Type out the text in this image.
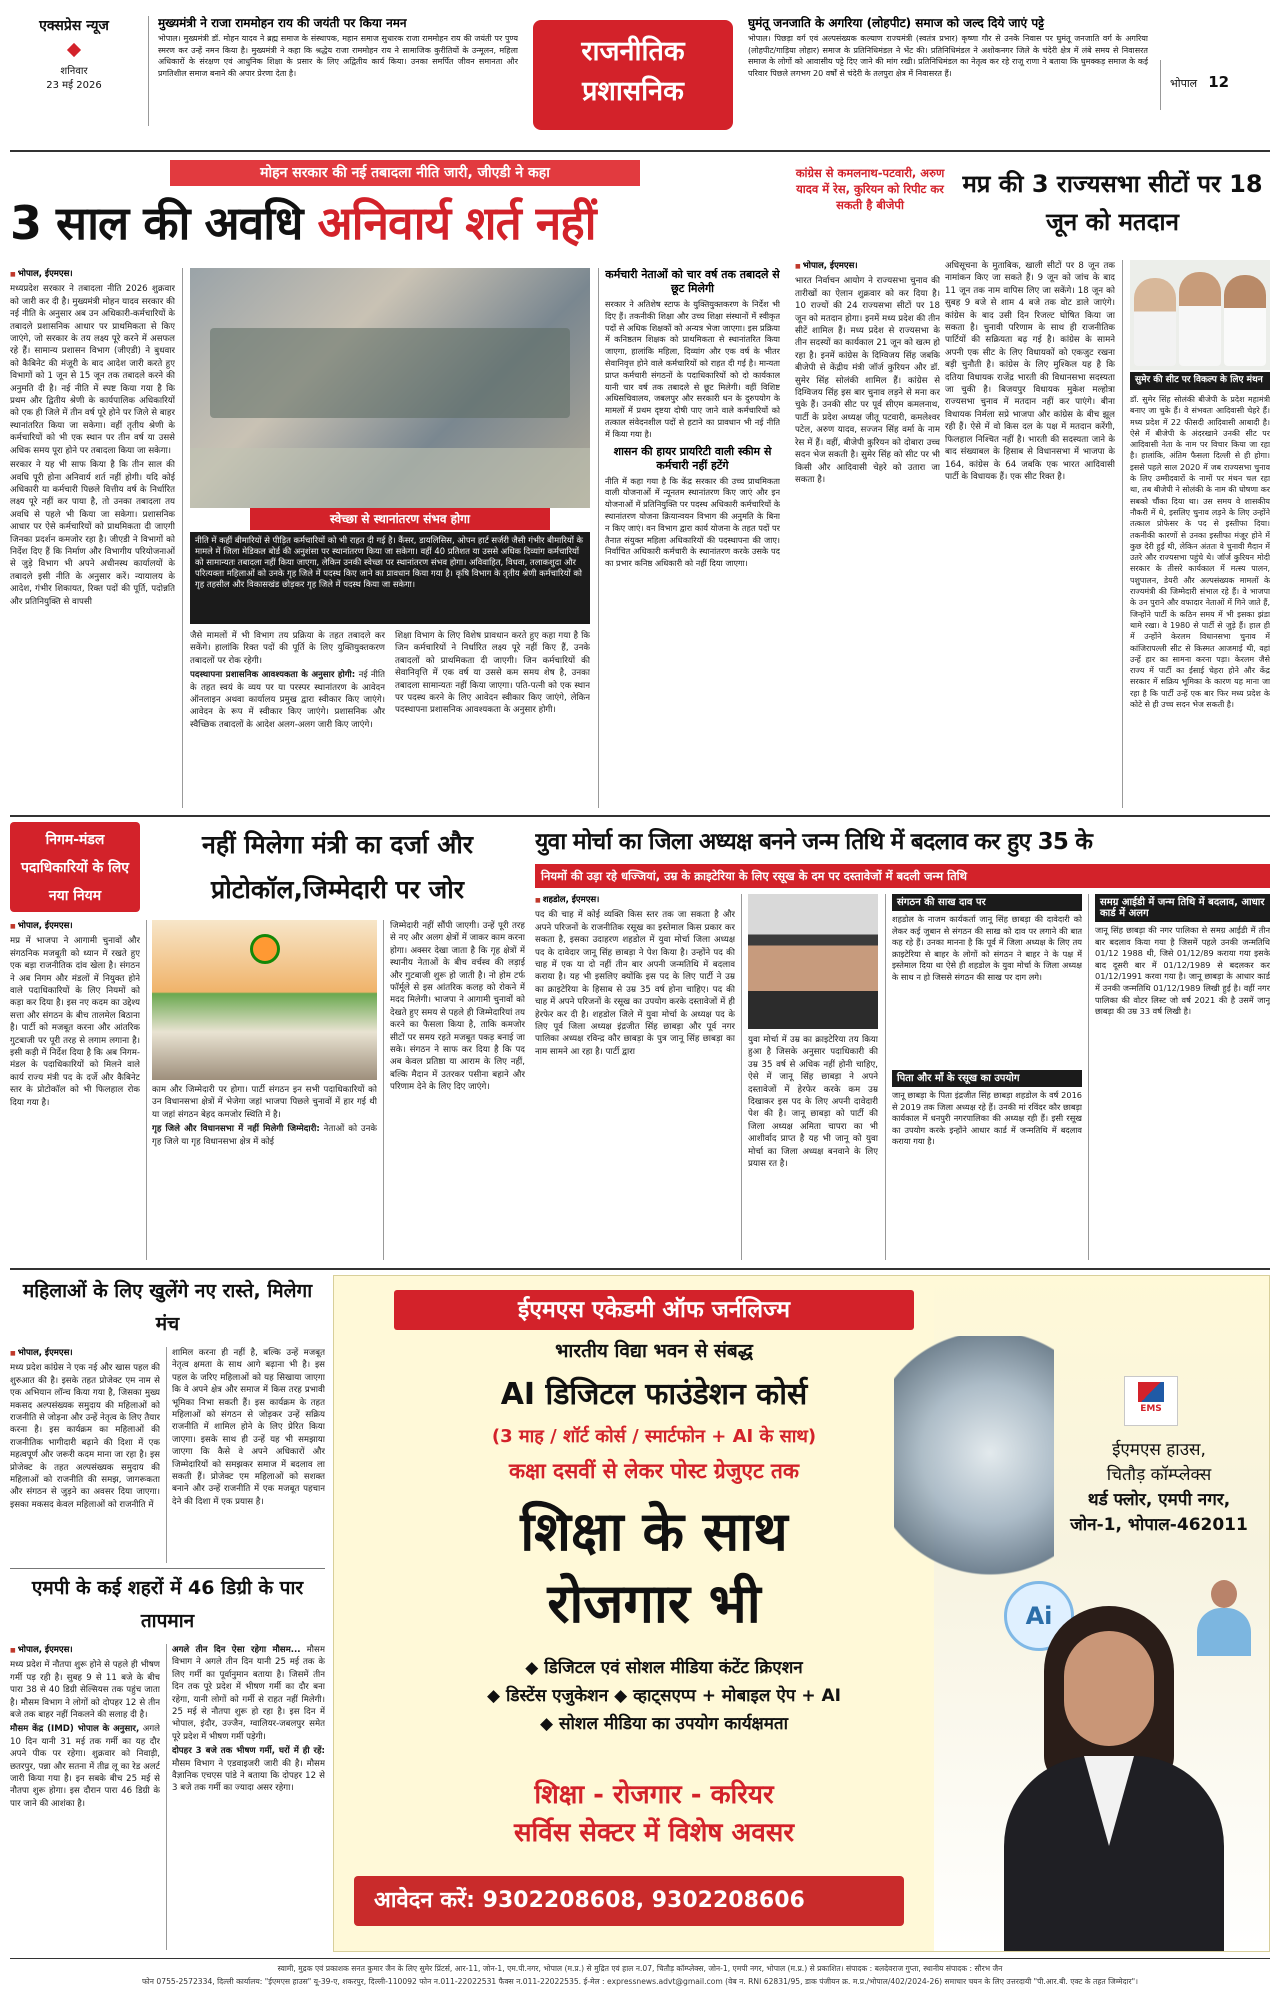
एक्सप्रेस न्यूज
शनिवार
23 मई 2026
मुख्यमंत्री ने राजा राममोहन राय की जयंती पर किया नमन
भोपाल। मुख्यमंत्री डॉ. मोहन यादव ने ब्रह्म समाज के संस्थापक, महान समाज सुधारक राजा राममोहन राय की जयंती पर पुण्य स्मरण कर उन्हें नमन किया है। मुख्यमंत्री ने कहा कि श्रद्धेय राजा राममोहन राय ने सामाजिक कुरीतियों के उन्मूलन, महिला अधिकारों के संरक्षण एवं आधुनिक शिक्षा के प्रसार के लिए अद्वितीय कार्य किया। उनका समर्पित जीवन समानता और प्रगतिशील समाज बनाने की अपार प्रेरणा देता है।
राजनीतिक प्रशासनिक
घुमंतू जनजाति के अगरिया (लोहपीट) समाज को जल्द दिये जाएं पट्टे
भोपाल। पिछड़ा वर्ग एवं अल्पसंख्यक कल्याण राज्यमंत्री (स्वतंत्र प्रभार) कृष्णा गौर से उनके निवास पर घुमंतू जनजाति वर्ग के अगरिया (लोहपीट/गाड़िया लोहार) समाज के प्रतिनिधिमंडल ने भेंट की। प्रतिनिधिमंडल ने अशोकनगर जिले के चंदेरी क्षेत्र में लंबे समय से निवासरत समाज के लोगों को आवासीय पट्टे दिए जाने की मांग रखी। प्रतिनिधिमंडल का नेतृत्व कर रहे राजू राणा ने बताया कि घुमक्कड़ समाज के कई परिवार पिछले लगभग 20 वर्षों से चंदेरी के तलपुरा क्षेत्र में निवासरत हैं।
भोपाल 12
मोहन सरकार की नई तबादला नीति जारी, जीएडी ने कहा
3 साल की अवधि अनिवार्य शर्त नहीं
■ भोपाल, ईएमएस।

मध्यप्रदेश सरकार ने तबादला नीति 2026 शुक्रवार को जारी कर दी है। मुख्यमंत्री मोहन यादव सरकार की नई नीति के अनुसार अब उन अधिकारी-कर्मचारियों के तबादले प्रशासनिक आधार पर प्राथमिकता से किए जाएंगे, जो सरकार के तय लक्ष्य पूरे करने में असफल रहे हैं। सामान्य प्रशासन विभाग (जीएडी) ने बुधवार को कैबिनेट की मंजूरी के बाद आदेश जारी करते हुए विभागों को 1 जून से 15 जून तक तबादले करने की अनुमति दी है। नई नीति में स्पष्ट किया गया है कि प्रथम और द्वितीय श्रेणी के कार्यपालिक अधिकारियों को एक ही जिले में तीन वर्ष पूरे होने पर जिले से बाहर स्थानांतरित किया जा सकेगा। वहीं तृतीय श्रेणी के कर्मचारियों को भी एक स्थान पर तीन वर्ष या उससे अधिक समय पूरा होने पर तबादला किया जा सकेगा।

सरकार ने यह भी साफ किया है कि तीन साल की अवधि पूरी होना अनिवार्य शर्त नहीं होगी। यदि कोई अधिकारी या कर्मचारी पिछले वित्तीय वर्ष के निर्धारित लक्ष्य पूरे नहीं कर पाया है, तो उनका तबादला तय अवधि से पहले भी किया जा सकेगा। प्रशासनिक आधार पर ऐसे कर्मचारियों को प्राथमिकता दी जाएगी जिनका प्रदर्शन कमजोर रहा है। जीएडी ने विभागों को निर्देश दिए हैं कि निर्माण और विभागीय परियोजनाओं से जुड़े विभाग भी अपने अधीनस्थ कार्यालयों के तबादले इसी नीति के अनुसार करें। न्यायालय के आदेश, गंभीर शिकायत, रिक्त पदों की पूर्ति, पदोन्नति और प्रतिनियुक्ति से वापसी

स्वेच्छा से स्थानांतरण संभव होगा
नीति में कहीं बीमारियों से पीड़ित कर्मचारियों को भी राहत दी गई है। कैंसर, डायलिसिस, ओपन हार्ट सर्जरी जैसी गंभीर बीमारियों के मामले में जिला मेडिकल बोर्ड की अनुशंसा पर स्थानांतरण किया जा सकेगा। वहीं 40 प्रतिशत या उससे अधिक दिव्यांग कर्मचारियों को सामान्यतः तबादला नहीं किया जाएगा, लेकिन उनकी स्वेच्छा पर स्थानांतरण संभव होगा। अविवाहित, विधवा, तलाकशुदा और परित्यक्ता महिलाओं को उनके गृह जिले में पदस्थ किए जाने का प्रावधान किया गया है। कृषि विभाग के तृतीय श्रेणी कर्मचारियों को गृह तहसील और विकासखंड छोड़कर गृह जिले में पदस्थ किया जा सकेगा।

जैसे मामलों में भी विभाग तय प्रक्रिया के तहत तबादले कर सकेंगे। हालांकि रिक्त पदों की पूर्ति के लिए युक्तियुक्तकरण तबादलों पर रोक रहेगी।

पदस्थापना प्रशासनिक आवश्यकता के अनुसार होगी: नई नीति के तहत स्वयं के व्यय पर या परस्पर स्थानांतरण के आवेदन ऑनलाइन अथवा कार्यालय प्रमुख द्वारा स्वीकार किए जाएंगे। आवेदन के रूप में स्वीकार किए जाएंगे। प्रशासनिक और स्वैच्छिक तबादलों के आदेश अलग-अलग जारी किए जाएंगे।

शिक्षा विभाग के लिए विशेष प्रावधान करते हुए कहा गया है कि जिन कर्मचारियों ने निर्धारित लक्ष्य पूरे नहीं किए हैं, उनके तबादलों को प्राथमिकता दी जाएगी। जिन कर्मचारियों की सेवानिवृत्ति में एक वर्ष या उससे कम समय शेष है, उनका तबादला सामान्यतः नहीं किया जाएगा। पति-पत्नी को एक स्थान पर पदस्थ करने के लिए आवेदन स्वीकार किए जाएंगे, लेकिन पदस्थापना प्रशासनिक आवश्यकता के अनुसार होगी।

कर्मचारी नेताओं को चार वर्ष तक तबादले से छूट मिलेगी
सरकार ने अतिशेष स्टाफ के युक्तियुक्तकरण के निर्देश भी दिए हैं। तकनीकी शिक्षा और उच्च शिक्षा संस्थानों में स्वीकृत पदों से अधिक शिक्षकों को अन्यत्र भेजा जाएगा। इस प्रक्रिया में कनिष्ठतम शिक्षक को प्राथमिकता से स्थानांतरित किया जाएगा, हालांकि महिला, दिव्यांग और एक वर्ष के भीतर सेवानिवृत्त होने वाले कर्मचारियों को राहत दी गई है। मान्यता प्राप्त कर्मचारी संगठनों के पदाधिकारियों को दो कार्यकाल यानी चार वर्ष तक तबादले से छूट मिलेगी। वहीं विशिष्ट अधिसचिवालय, जबलपुर और सरकारी धन के दुरुपयोग के मामलों में प्रथम दृष्टया दोषी पाए जाने वाले कर्मचारियों को तत्काल संवेदनशील पदों से हटाने का प्रावधान भी नई नीति में किया गया है।
शासन की हायर प्रायरिटी वाली स्कीम से कर्मचारी नहीं हटेंगे
नीति में कहा गया है कि केंद्र सरकार की उच्च प्राथमिकता वाली योजनाओं में न्यूनतम स्थानांतरण किए जाएं और इन योजनाओं में प्रतिनियुक्ति पर पदस्थ अधिकारी कर्मचारियों के स्थानांतरण योजना क्रियान्वयन विभाग की अनुमति के बिना न किए जाएं। वन विभाग द्वारा कार्य योजना के तहत पदों पर तैनात संयुक्त महिला अधिकारियों की पदस्थापना की जाए। निर्वाचित अधिकारी कर्मचारी के स्थानांतरण करके उसके पद का प्रभार कनिष्ठ अधिकारी को नहीं दिया जाएगा।
कांग्रेस से कमलनाथ-पटवारी, अरुण यादव में रेस, कुरियन को रिपीट कर सकती है बीजेपी
मप्र की 3 राज्यसभा सीटों पर 18 जून को मतदान
■ भोपाल, ईएमएस।

भारत निर्वाचन आयोग ने राज्यसभा चुनाव की तारीखों का ऐलान शुक्रवार को कर दिया है। 10 राज्यों की 24 राज्यसभा सीटों पर 18 जून को मतदान होगा। इनमें मध्य प्रदेश की तीन सीटें शामिल हैं। मध्य प्रदेश से राज्यसभा के तीन सदस्यों का कार्यकाल 21 जून को खत्म हो रहा है। इनमें कांग्रेस के दिग्विजय सिंह जबकि बीजेपी से केंद्रीय मंत्री जॉर्ज कुरियन और डॉ. सुमेर सिंह सोलंकी शामिल हैं। कांग्रेस से दिग्विजय सिंह इस बार चुनाव लड़ने से मना कर चुके हैं। उनकी सीट पर पूर्व सीएम कमलनाथ, पार्टी के प्रदेश अध्यक्ष जीतू पटवारी, कमलेश्वर पटेल, अरुण यादव, सज्जन सिंह वर्मा के नाम रेस में हैं। वहीं, बीजेपी कुरियन को दोबारा उच्च सदन भेज सकती है। सुमेर सिंह को सीट पर भी किसी और आदिवासी चेहरे को उतारा जा सकता है।

अधिसूचना के मुताबिक, खाली सीटों पर 8 जून तक नामांकन किए जा सकते हैं। 9 जून को जांच के बाद 11 जून तक नाम वापिस लिए जा सकेंगे। 18 जून को सुबह 9 बजे से शाम 4 बजे तक वोट डाले जाएंगे। कांग्रेस के बाद उसी दिन रिजल्ट घोषित किया जा सकता है। चुनावी परिणाम के साथ ही राजनीतिक पार्टियों की सक्रियता बढ़ गई है। कांग्रेस के सामने अपनी एक सीट के लिए विधायकों को एकजुट रखना बड़ी चुनौती है। कांग्रेस के लिए मुश्किल यह है कि दतिया विधायक राजेंद्र भारती की विधानसभा सदस्यता जा चुकी है। बिजयपुर विधायक मुकेश मल्होत्रा राज्यसभा चुनाव में मतदान नहीं कर पाएंगे। बीना विधायक निर्मला सप्रे भाजपा और कांग्रेस के बीच झूल रही हैं। ऐसे में वो किस दल के पक्ष में मतदान करेंगी, फिलहाल निश्चित नहीं है। भारती की सदस्यता जाने के बाद संख्याबल के हिसाब से विधानसभा में भाजपा के 164, कांग्रेस के 64 जबकि एक भारत आदिवासी पार्टी के विधायक हैं। एक सीट रिक्त है।

सुमेर की सीट पर विकल्प के लिए मंथन
डॉ. सुमेर सिंह सोलंकी बीजेपी के प्रदेश महामंत्री बनाए जा चुके हैं। वे संभवतः आदिवासी चेहरे हैं। मध्य प्रदेश में 22 फीसदी आदिवासी आबादी है। ऐसे में बीजेपी के अंदरखाने उनकी सीट पर आदिवासी नेता के नाम पर विचार किया जा रहा है। हालांकि, अंतिम फैसला दिल्ली से ही होगा। इससे पहले साल 2020 में जब राज्यसभा चुनाव के लिए उम्मीदवारों के नामों पर मंथन चल रहा था, तब बीजेपी ने सोलंकी के नाम की घोषणा कर सबको चौंका दिया था। उस समय वे शासकीय नौकरी में थे, इसलिए चुनाव लड़ने के लिए उन्होंने तत्काल प्रोफेसर के पद से इस्तीफा दिया। तकनीकी कारणों से उनका इस्तीफा मंजूर होने में कुछ देरी हुई थी, लेकिन अंततः वे चुनावी मैदान में उतरे और राज्यसभा पहुंचे थे। जॉर्ज कुरियन मोदी सरकार के तीसरे कार्यकाल में मत्स्य पालन, पशुपालन, डेयरी और अल्पसंख्यक मामलों के राज्यमंत्री की जिम्मेदारी संभाल रहे हैं। वे भाजपा के उन पुराने और वफादार नेताओं में गिने जाते हैं, जिन्होंने पार्टी के कठिन समय में भी इसका झंडा थामे रखा। वे 1980 से पार्टी से जुड़े हैं। हाल ही में उन्होंने केरलम विधानसभा चुनाव में कांजिरापल्ली सीट से किस्मत आजमाई थी, वहां उन्हें हार का सामना करना पड़ा। केरलम जैसे राज्य में पार्टी का ईसाई चेहरा होने और केंद्र सरकार में सक्रिय भूमिका के कारण यह माना जा रहा है कि पार्टी उन्हें एक बार फिर मध्य प्रदेश के कोटे से ही उच्च सदन भेज सकती है।
निगम-मंडल पदाधिकारियों के लिए नया नियम
नहीं मिलेगा मंत्री का दर्जा और
प्रोटोकॉल,जिम्मेदारी पर जोर
■ भोपाल, ईएमएस।

मप्र में भाजपा ने आगामी चुनावों और संगठनिक मजबूती को ध्यान में रखते हुए एक बड़ा राजनीतिक दांव खेला है। संगठन ने अब निगम और मंडलों में नियुक्त होने वाले पदाधिकारियों के लिए नियमों को कड़ा कर दिया है। इस नए कदम का उद्देश्य सत्ता और संगठन के बीच तालमेल बिठाना है। पार्टी को मजबूत करना और आंतरिक गुटबाजी पर पूरी तरह से लगाम लगाना है। इसी कड़ी में निर्देश दिया है कि अब निगम-मंडल के पदाधिकारियों को मिलने वाले कार्य राज्य मंत्री पद के दर्जे और कैबिनेट स्तर के प्रोटोकॉल को भी फिलहाल रोक दिया गया है।

काम और जिम्मेदारी पर होगा। पार्टी संगठन इन सभी पदाधिकारियों को उन विधानसभा क्षेत्रों में भेजेगा जहां भाजपा पिछले चुनावों में हार गई थी या जहां संगठन बेहद कमजोर स्थिति में है।

गृह जिले और विधानसभा में नहीं मिलेगी जिम्मेदारी: नेताओं को उनके गृह जिले या गृह विधानसभा क्षेत्र में कोई

जिम्मेदारी नहीं सौंपी जाएगी। उन्हें पूरी तरह से नए और अलग क्षेत्रों में जाकर काम करना होगा। अक्सर देखा जाता है कि गृह क्षेत्रों में स्थानीय नेताओं के बीच वर्चस्व की लड़ाई और गुटबाजी शुरू हो जाती है। नो होम टर्फ फॉर्मूले से इस आंतरिक कलह को रोकने में मदद मिलेगी। भाजपा ने आगामी चुनावों को देखते हुए समय से पहले ही जिम्मेदारियां तय करने का फैसला किया है, ताकि कमजोर सीटों पर समय रहते मजबूत पकड़ बनाई जा सके। संगठन ने साफ कर दिया है कि पद अब केवल प्रतिष्ठा या आराम के लिए नहीं, बल्कि मैदान में उतरकर पसीना बहाने और परिणाम देने के लिए दिए जाएंगे।

युवा मोर्चा का जिला अध्यक्ष बनने जन्म तिथि में बदलाव कर हुए 35 के
नियमों की उड़ा रहे धज्जियां, उम्र के क्राइटेरिया के लिए रसूख के दम पर दस्तावेजों में बदली जन्म तिथि
■ शहडोल, ईएमएस।

पद की चाह में कोई व्यक्ति किस स्तर तक जा सकता है और अपने परिजनों के राजनीतिक रसूख का इस्तेमाल किस प्रकार कर सकता है, इसका उदाहरण शहडोल में युवा मोर्चा जिला अध्यक्ष पद के दावेदार जानू सिंह छाबड़ा ने पेश किया है। उन्होंने पद की चाह में एक या दो नहीं तीन बार अपनी जन्मतिथि में बदलाव कराया है। यह भी इसलिए क्योंकि इस पद के लिए पार्टी ने उम्र का क्राइटेरिया के हिसाब से उम्र 35 वर्ष होना चाहिए। पद की चाह में अपने परिजनों के रसूख का उपयोग करके दस्तावेजों में ही हेरफेर कर दी है। शहडोल जिले में युवा मोर्चा के अध्यक्ष पद के लिए पूर्व जिला अध्यक्ष इंद्रजीत सिंह छाबड़ा और पूर्व नगर पालिका अध्यक्ष रविन्द्र कौर छाबड़ा के पुत्र जानू सिंह छाबड़ा का नाम सामने आ रहा है। पार्टी द्वारा

युवा मोर्चा में उम्र का क्राइटेरिया तय किया हुआ है जिसके अनुसार पदाधिकारी की उम्र 35 वर्ष से अधिक नहीं होनी चाहिए, ऐसे में जानू सिंह छाबड़ा ने अपने दस्तावेजों में हेरफेर करके कम उम्र दिखाकर इस पद के लिए अपनी दावेदारी पेश की है। जानू छाबड़ा को पार्टी की जिला अध्यक्ष अमिता चापरा का भी आशीर्वाद प्राप्त है यह भी जानू को युवा मोर्चा का जिला अध्यक्ष बनवाने के लिए प्रयास रत है।

संगठन की साख दाव पर
शहडोल के नाजम कार्यकर्ता जानू सिंह छाबड़ा की दावेदारी को लेकर कई जुबान से संगठन की साख को दाव पर लगाने की बात कह रहे हैं। उनका मानना है कि पूर्व में जिला अध्यक्ष के लिए तय क्राइटेरिया से बाहर के लोगों को संगठन ने बाहर ने के पक्ष में इस्तेमाल दिया था ऐसे ही शहडोल के युवा मोर्चा के जिला अध्यक्ष के साथ न हो जिससे संगठन की साख पर दाग लगे।
पिता और माँ के रसूख का उपयोग
जानू छाबड़ा के पिता इंद्रजीत सिंह छाबड़ा शहडोल के वर्ष 2016 से 2019 तक जिला अध्यक्ष रहे हैं। उनकी मां रविंदर कौर छाबड़ा कार्यकाल में धनपुरी नगरपालिका की अध्यक्ष रही हैं। इसी रसूख का उपयोग करके इन्होंने आधार कार्ड में जन्मतिथि में बदलाव कराया गया है।
समग्र आईडी में जन्म तिथि में बदलाव, आधार कार्ड में अलग
जानू सिंह छाबड़ा की नगर पालिका से समग्र आईडी में तीन बार बदलाव किया गया है जिसमें पहले उनकी जन्मतिथि 01/12 1988 थी, जिसे 01/12/89 कराया गया इसके बाद दूसरी बार में 01/12/1989 से बदलकर कर 01/12/1991 करवा गया है। जानू छाबड़ा के आधार कार्ड में उनकी जन्मतिथि 01/12/1989 लिखी हुई है। वहीं नगर पालिका की वोटर लिस्ट जो वर्ष 2021 की है उसमें जानू छाबड़ा की उम्र 33 वर्ष लिखी है।
महिलाओं के लिए खुलेंगे नए रास्ते, मिलेगा मंच
■ भोपाल, ईएमएस।

मध्य प्रदेश कांग्रेस ने एक नई और खास पहल की शुरुआत की है। इसके तहत प्रोजेक्ट एम नाम से एक अभियान लॉन्च किया गया है, जिसका मुख्य मकसद अल्पसंख्यक समुदाय की महिलाओं को राजनीति से जोड़ना और उन्हें नेतृत्व के लिए तैयार करना है। इस कार्यक्रम का महिलाओं की राजनीतिक भागीदारी बढ़ाने की दिशा में एक महत्वपूर्ण और जरूरी कदम माना जा रहा है। इस प्रोजेक्ट के तहत अल्पसंख्यक समुदाय की महिलाओं को राजनीति की समझ, जागरूकता और संगठन से जुड़ने का अवसर दिया जाएगा। इसका मकसद केवल महिलाओं को राजनीति में

शामिल करना ही नहीं है, बल्कि उन्हें मजबूत नेतृत्व क्षमता के साथ आगे बढ़ाना भी है। इस पहल के जरिए महिलाओं को यह सिखाया जाएगा कि वे अपने क्षेत्र और समाज में किस तरह प्रभावी भूमिका निभा सकती हैं। इस कार्यक्रम के तहत महिलाओं को संगठन से जोड़कर उन्हें सक्रिय राजनीति में शामिल होने के लिए प्रेरित किया जाएगा। इसके साथ ही उन्हें यह भी समझाया जाएगा कि कैसे वे अपने अधिकारों और जिम्मेदारियों को समझकर समाज में बदलाव ला सकती हैं। प्रोजेक्ट एम महिलाओं को सशक्त बनाने और उन्हें राजनीति में एक मजबूत पहचान देने की दिशा में एक प्रयास है।

एमपी के कई शहरों में 46 डिग्री के पार तापमान
■ भोपाल, ईएमएस।

मध्य प्रदेश में नौतपा शुरू होने से पहले ही भीषण गर्मी पड़ रही है। सुबह 9 से 11 बजे के बीच पारा 38 से 40 डिग्री सेल्सियस तक पहुंच जाता है। मौसम विभाग ने लोगों को दोपहर 12 से तीन बजे तक बाहर नहीं निकलने की सलाह दी है।

मौसम केंद्र (IMD) भोपाल के अनुसार, अगले 10 दिन यानी 31 मई तक गर्मी का यह दौर अपने पीक पर रहेगा। शुक्रवार को निवाड़ी, छतरपुर, पन्ना और सतना में तीव्र लू का रेड अलर्ट जारी किया गया है। इन सबके बीच 25 मई से नौतपा शुरू होगा। इस दौरान पारा 46 डिग्री के पार जाने की आशंका है।

अगले तीन दिन ऐसा रहेगा मौसम... मौसम विभाग ने अगले तीन दिन यानी 25 मई तक के लिए गर्मी का पूर्वानुमान बताया है। जिसमें तीन दिन तक पूरे प्रदेश में भीषण गर्मी का दौर बना रहेगा, यानी लोगों को गर्मी से राहत नहीं मिलेगी। 25 मई से नौतपा शुरू हो रहा है। इस दिन में भोपाल, इंदौर, उज्जैन, ग्वालियर-जबलपुर समेत पूरे प्रदेश में भीषण गर्मी पड़ेगी।

दोपहर 3 बजे तक भीषण गर्मी, घरों में ही रहें: मौसम विभाग ने एडवाइजरी जारी की है। मौसम वैज्ञानिक एचएस पांडे ने बताया कि दोपहर 12 से 3 बजे तक गर्मी का ज्यादा असर रहेगा।

ईएमएस एकेडमी ऑफ जर्नलिज्म
भारतीय विद्या भवन से संबद्ध
AI डिजिटल फाउंडेशन कोर्स
(3 माह / शॉर्ट कोर्स / स्मार्टफोन + AI के साथ)
कक्षा दसवीं से लेकर पोस्ट ग्रेजुएट तक
शिक्षा के साथ
रोजगार भी
◆ डिजिटल एवं सोशल मीडिया कंटेंट क्रिएशन
◆ डिस्टेंस एजुकेशन ◆ व्हाट्सएप्प + मोबाइल ऐप + AI
◆ सोशल मीडिया का उपयोग कार्यक्षमता
शिक्षा - रोजगार - करियर
सर्विस सेक्टर में विशेष अवसर
आवेदन करें: 9302208608, 9302208606
EMS
ईएमएस हाउस,
चितौड़ कॉम्प्लेक्स
थर्ड फ्लोर, एमपी नगर,
जोन-1, भोपाल-462011
Ai
स्वामी, मुद्रक एवं प्रकाशक सनत कुमार जैन के लिए सुमेर प्रिंटर्स, आर-11, जोन-1, एम.पी.नगर, भोपाल (म.प्र.) से मुद्रित एवं हाल न.07, चितौड़ कॉम्प्लेक्स, जोन-1, एमपी नगर, भोपाल (म.प्र.) से प्रकाशित। संपादक : बलदेवराज गुप्ता, स्थानीय संपादक : सौरभ जैन
फोन 0755-2572334, दिल्ली कार्यालय: "ईएमएस हाउस" यू-39-ए, शकरपुर, दिल्ली-110092 फोन न.011-22022531 फैक्स न.011-22022535. ई-मेल : expressnews.advt@gmail.com (वेब न. RNI 62831/95, डाक पंजीयन क्र. म.प्र./भोपाल/402/2024-26) समाचार चयन के लिए उत्तरदायी "पी.आर.बी. एक्ट के तहत जिम्मेदार"।
